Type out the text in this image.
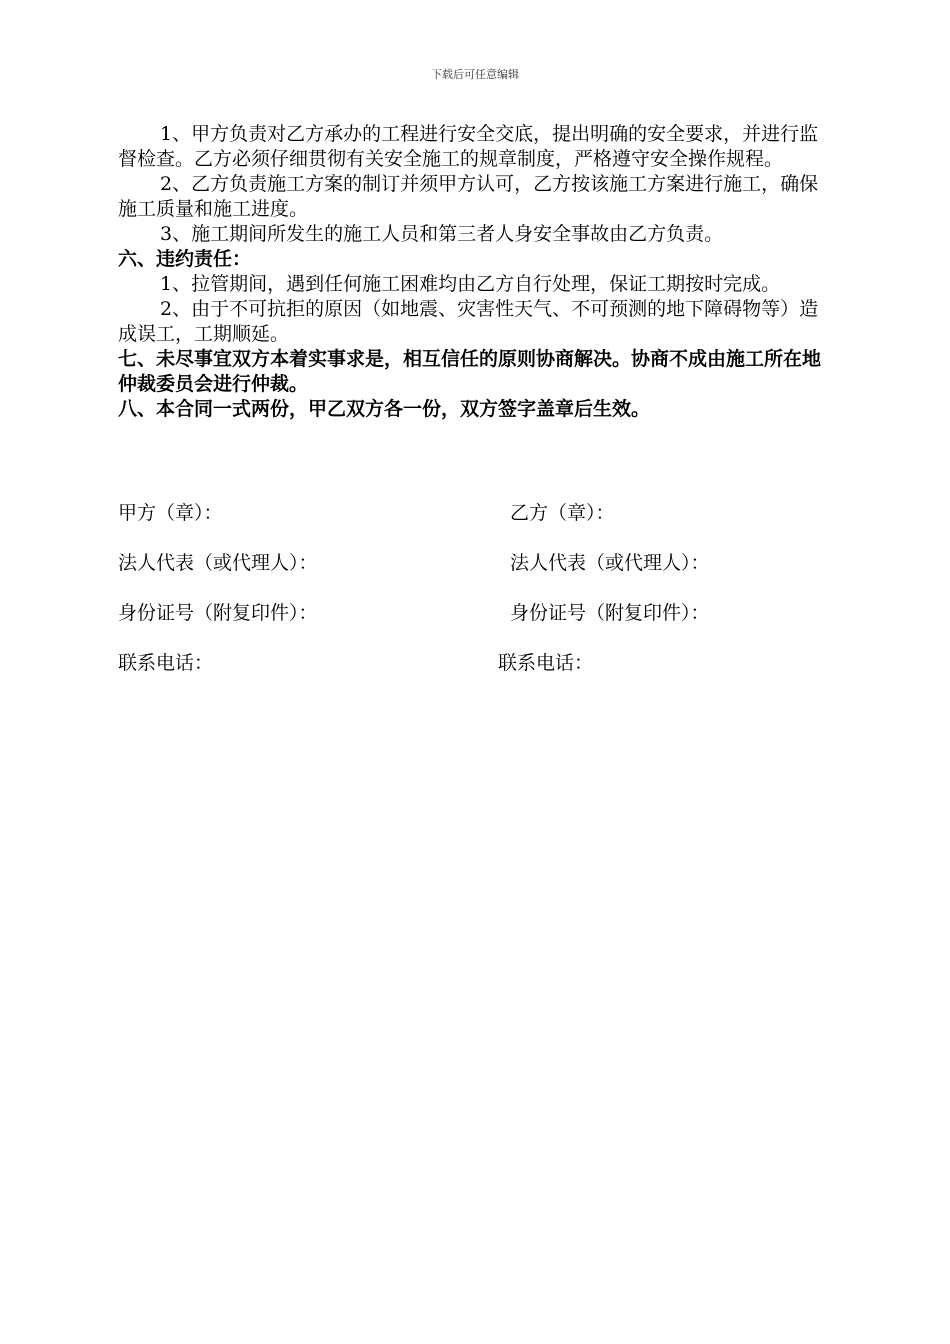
下载后可任意编辑

1、甲方负责对乙方承办的工程进行安全交底，提出明确的安全要求，并进行监督检查。乙方必须仔细贯彻有关安全施工的规章制度，严格遵守安全操作规程。

2、乙方负责施工方案的制订并须甲方认可，乙方按该施工方案进行施工，确保施工质量和施工进度。

3、施工期间所发生的施工人员和第三者人身安全事故由乙方负责。

六、违约责任：

1、拉管期间，遇到任何施工困难均由乙方自行处理，保证工期按时完成。

2、由于不可抗拒的原因（如地震、灾害性天气、不可预测的地下障碍物等）造成误工，工期顺延。

七、未尽事宜双方本着实事求是，相互信任的原则协商解决。协商不成由施工所在地仲裁委员会进行仲裁。

八、本合同一式两份，甲乙双方各一份，双方签字盖章后生效。

甲方（章）：	乙方（章）：
法人代表（或代理人）：	法人代表（或代理人）：
身份证号（附复印件）：	身份证号（附复印件）：
联系电话：	联系电话：
